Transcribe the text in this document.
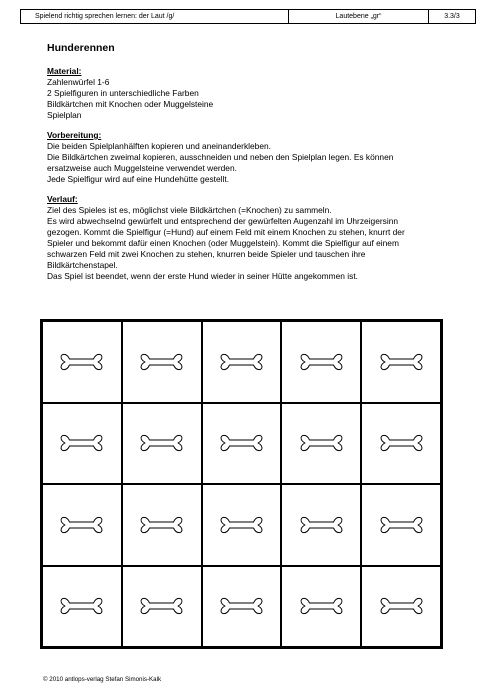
Spielend richtig sprechen lernen: der Laut /g/	Lautebene „gr“	3.3/3
Hunderennen
Material:
Zahlenwürfel 1-6
2 Spielfiguren in unterschiedliche Farben
Bildkärtchen mit Knochen oder Muggelsteine
Spielplan
Vorbereitung:
Die beiden Spielplanhälften kopieren und aneinanderkleben.
Die Bildkärtchen zweimal kopieren, ausschneiden und neben den Spielplan legen. Es können
ersatzweise auch Muggelsteine verwendet werden.
Jede Spielfigur wird auf eine Hundehütte gestellt.
Verlauf:
Ziel des Spieles ist es, möglichst viele Bildkärtchen (=Knochen) zu sammeln.
Es wird abwechselnd gewürfelt und entsprechend der gewürfelten Augenzahl im Uhrzeigersinn
gezogen. Kommt die Spielfigur (=Hund) auf einem Feld mit einem Knochen zu stehen, knurrt der
Spieler und bekommt dafür einen Knochen (oder Muggelstein). Kommt die Spielfigur auf einem
schwarzen Feld mit zwei Knochen zu stehen, knurren beide Spieler und tauschen ihre
Bildkärtchenstapel.
Das Spiel ist beendet, wenn der erste Hund wieder in seiner Hütte angekommen ist.
© 2010 antlops-verlag Stefan Simonis-Kalk
